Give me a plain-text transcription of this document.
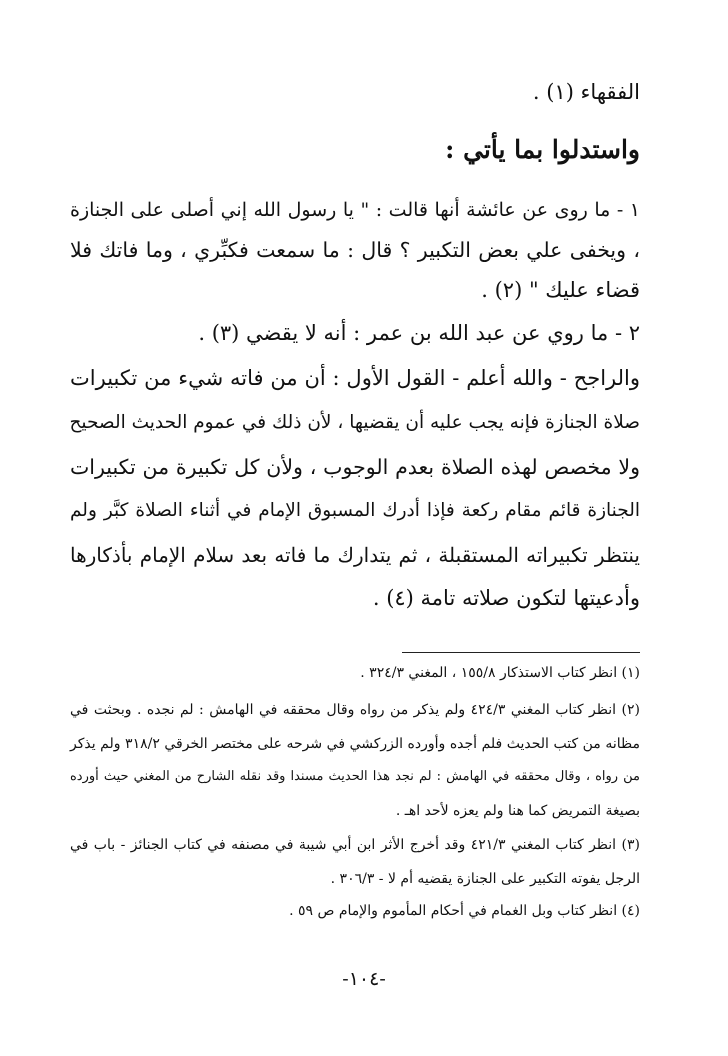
الفقهاء (١) .
واستدلوا بما يأتي :
١ - ما روى عن عائشة أنها قالت : " يا رسول الله إني أصلى على الجنازة
، ويخفى علي بعض التكبير ؟ قال : ما سمعت فكبِّري ، وما فاتك فلا
قضاء عليك " (٢) .
٢ - ما روي عن عبد الله بن عمر : أنه لا يقضي (٣) .
والراجح - والله أعلم - القول الأول : أن من فاته شيء من تكبيرات
صلاة الجنازة فإنه يجب عليه أن يقضيها ، لأن ذلك في عموم الحديث الصحيح
ولا مخصص لهذه الصلاة بعدم الوجوب ، ولأن كل تكبيرة من تكبيرات
الجنازة قائم مقام ركعة فإذا أدرك المسبوق الإمام في أثناء الصلاة كبَّر ولم
ينتظر تكبيراته المستقبلة ، ثم يتدارك ما فاته بعد سلام الإمام بأذكارها
وأدعيتها لتكون صلاته تامة (٤) .
(١) انظر كتاب الاستذكار ١٥٥/٨ ، المغني ٣٢٤/٣ .
(٢) انظر كتاب المغني ٤٢٤/٣ ولم يذكر من رواه وقال محققه في الهامش : لم نجده . وبحثت في
مظانه من كتب الحديث فلم أجده وأورده الزركشي في شرحه على مختصر الخرقي ٣١٨/٢ ولم يذكر
من رواه ، وقال محققه في الهامش : لم نجد هذا الحديث مسندا وقد نقله الشارح من المغني حيث أورده
بصيغة التمريض كما هنا ولم يعزه لأحد اهـ .
(٣) انظر كتاب المغني ٤٢١/٣ وقد أخرج الأثر ابن أبي شيبة في مصنفه في كتاب الجنائز - باب في
الرجل يفوته التكبير على الجنازة يقضيه أم لا - ٣٠٦/٣ .
(٤) انظر كتاب وبل الغمام في أحكام المأموم والإمام ص ٥٩ .
-١٠٤-
